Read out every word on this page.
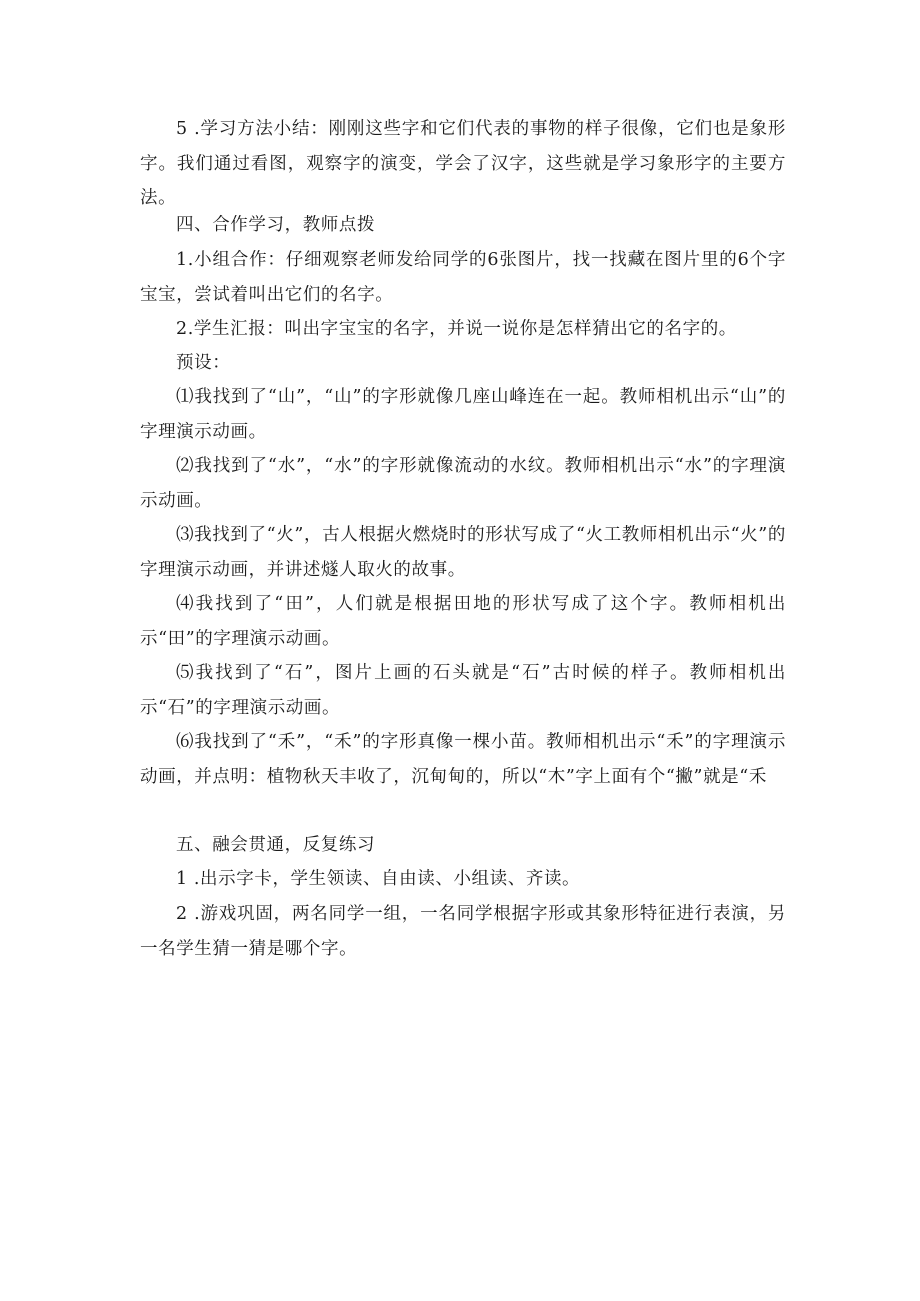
5 .学习方法小结：刚刚这些字和它们代表的事物的样子很像，它们也是象形字。我们通过看图，观察字的演变，学会了汉字，这些就是学习象形字的主要方法。

四、合作学习，教师点拨

1.小组合作：仔细观察老师发给同学的6张图片，找一找藏在图片里的6个字宝宝，尝试着叫出它们的名字。

2.学生汇报：叫出字宝宝的名字，并说一说你是怎样猜出它的名字的。

预设：

⑴我找到了“山”，“山”的字形就像几座山峰连在一起。教师相机出示“山”的字理演示动画。

⑵我找到了“水”，“水”的字形就像流动的水纹。教师相机出示“水”的字理演示动画。

⑶我找到了“火”，古人根据火燃烧时的形状写成了“火工教师相机出示“火”的字理演示动画，并讲述燧人取火的故事。

⑷我找到了“田”，人们就是根据田地的形状写成了这个字。教师相机出示“田”的字理演示动画。

⑸我找到了“石”，图片上画的石头就是“石”古时候的样子。教师相机出示“石”的字理演示动画。

⑹我找到了“禾”，“禾”的字形真像一棵小苗。教师相机出示“禾”的字理演示动画，并点明：植物秋天丰收了，沉甸甸的，所以“木”字上面有个“撇”就是“禾

五、融会贯通，反复练习

1 .出示字卡，学生领读、自由读、小组读、齐读。

2 .游戏巩固，两名同学一组，一名同学根据字形或其象形特征进行表演，另一名学生猜一猜是哪个字。
